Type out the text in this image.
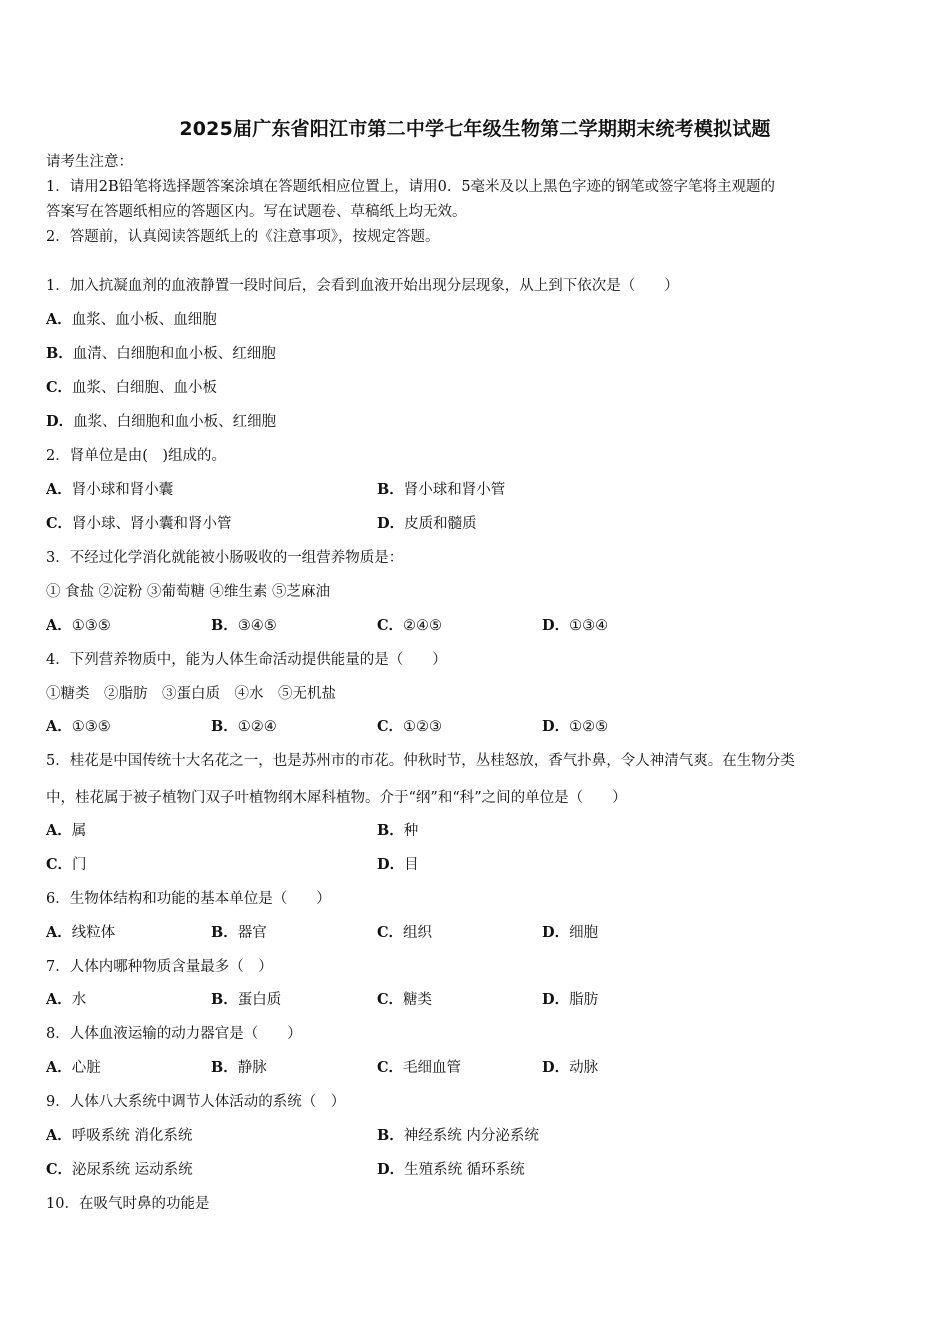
2025届广东省阳江市第二中学七年级生物第二学期期末统考模拟试题
请考生注意：
1．请用2B铅笔将选择题答案涂填在答题纸相应位置上，请用0．5毫米及以上黑色字迹的钢笔或签字笔将主观题的
答案写在答题纸相应的答题区内。写在试题卷、草稿纸上均无效。
2．答题前，认真阅读答题纸上的《注意事项》，按规定答题。
1．加入抗凝血剂的血液静置一段时间后，会看到血液开始出现分层现象，从上到下依次是（　　）
A．血浆、血小板、血细胞
B．血清、白细胞和血小板、红细胞
C．血浆、白细胞、血小板
D．血浆、白细胞和血小板、红细胞
2．肾单位是由(　)组成的。
A．肾小球和肾小囊	B．肾小球和肾小管
C．肾小球、肾小囊和肾小管	D．皮质和髓质
3．不经过化学消化就能被小肠吸收的一组营养物质是：
① 食盐 ②淀粉 ③葡萄糖 ④维生素 ⑤芝麻油
A．①③⑤	B．③④⑤	C．②④⑤	D．①③④
4．下列营养物质中，能为人体生命活动提供能量的是（　　）
①糖类　②脂肪　③蛋白质　④水　⑤无机盐
A．①③⑤	B．①②④	C．①②③	D．①②⑤
5．桂花是中国传统十大名花之一，也是苏州市的市花。仲秋时节，丛桂怒放，香气扑鼻，令人神清气爽。在生物分类
中，桂花属于被子植物门双子叶植物纲木犀科植物。介于“纲”和“科”之间的单位是（　　）
A．属	B．种
C．门	D．目
6．生物体结构和功能的基本单位是（　　）
A．线粒体	B．器官	C．组织	D．细胞
7．人体内哪种物质含量最多（　）
A．水	B．蛋白质	C．糖类	D．脂肪
8．人体血液运输的动力器官是（　　）
A．心脏	B．静脉	C．毛细血管	D．动脉
9．人体八大系统中调节人体活动的系统（　）
A．呼吸系统 消化系统	B．神经系统 内分泌系统
C．泌尿系统 运动系统	D．生殖系统 循环系统
10．在吸气时鼻的功能是
